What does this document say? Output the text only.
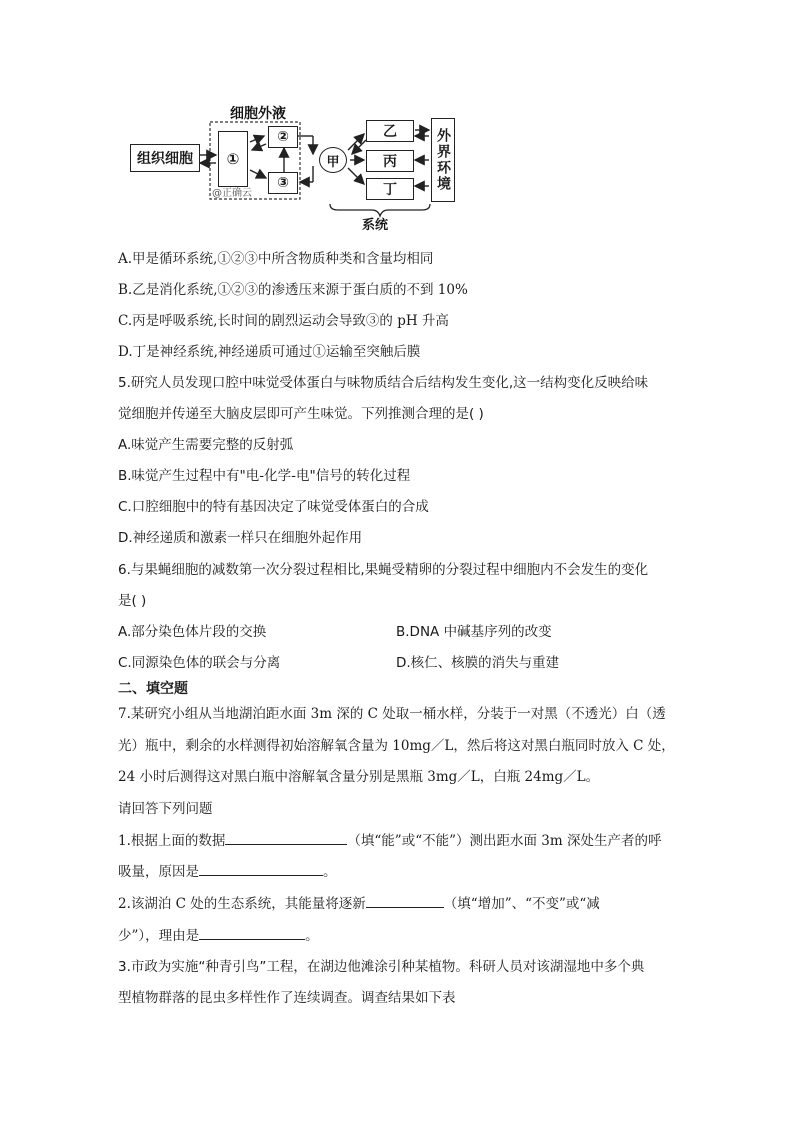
细胞外液
组织细胞	①
②
③
甲
乙
丙
丁	外界环境
系统
@正确云
A.甲是循环系统,①②③中所含物质种类和含量均相同
B.乙是消化系统,①②③的渗透压来源于蛋白质的不到 10%
C.丙是呼吸系统,长时间的剧烈运动会导致③的 pH 升高
D.丁是神经系统,神经递质可通过①运输至突触后膜
5.研究人员发现口腔中味觉受体蛋白与味物质结合后结构发生变化,这一结构变化反映给味
觉细胞并传递至大脑皮层即可产生味觉。下列推测合理的是( )
A.味觉产生需要完整的反射弧
B.味觉产生过程中有"电-化学-电"信号的转化过程
C.口腔细胞中的特有基因决定了味觉受体蛋白的合成
D.神经递质和激素一样只在细胞外起作用
6.与果蝇细胞的减数第一次分裂过程相比,果蝇受精卵的分裂过程中细胞内不会发生的变化
是( )
A.部分染色体片段的交换	B.DNA 中碱基序列的改变
C.同源染色体的联会与分离	D.核仁、核膜的消失与重建
二、填空题
7.某研究小组从当地湖泊距水面 3m 深的 C 处取一桶水样，分装于一对黑（不透光）白（透
光）瓶中，剩余的水样测得初始溶解氧含量为 10mg／L，然后将这对黑白瓶同时放入 C 处，
24 小时后测得这对黑白瓶中溶解氧含量分别是黑瓶 3mg／L，白瓶 24mg／L。
请回答下列问题
1.根据上面的数据	（填“能”或“不能”）测出距水面 3m 深处生产者的呼
吸量，原因是	。
2.该湖泊 C 处的生态系统，其能量将逐新	（填“增加”、“不变”或“减
少”），理由是	。
3.市政为实施“种青引鸟”工程，在湖边他滩涂引种某植物。科研人员对该湖湿地中多个典
型植物群落的昆虫多样性作了连续调查。调查结果如下表
